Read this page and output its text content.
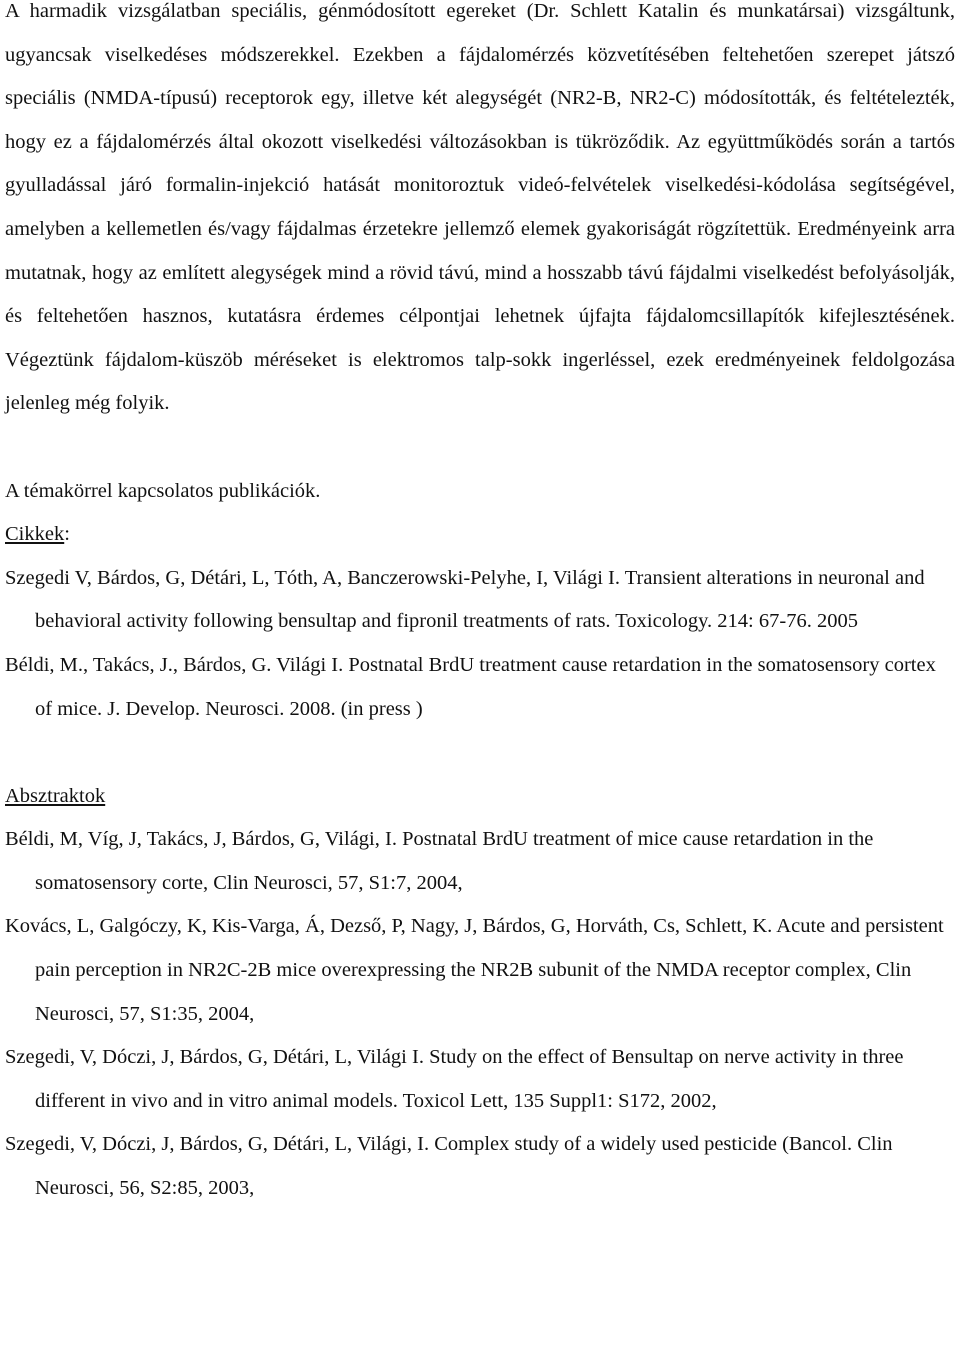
A harmadik vizsgálatban speciális, génmódosított egereket (Dr. Schlett Katalin és munkatársai) vizsgáltunk, ugyancsak viselkedéses módszerekkel. Ezekben a fájdalomérzés közvetítésében feltehetően szerepet játszó speciális (NMDA-típusú) receptorok egy, illetve két alegységét (NR2-B, NR2-C) módosították, és feltételezték, hogy ez a fájdalomérzés által okozott viselkedési változásokban is tükröződik. Az együttműködés során a tartós gyulladással járó formalin-injekció hatását monitoroztuk videó-felvételek viselkedési-kódolása segítségével, amelyben a kellemetlen és/vagy fájdalmas érzetekre jellemző elemek gyakoriságát rögzítettük. Eredményeink arra mutatnak, hogy az említett alegységek mind a rövid távú, mind a hosszabb távú fájdalmi viselkedést befolyásolják, és feltehetően hasznos, kutatásra érdemes célpontjai lehetnek újfajta fájdalomcsillapítók kifejlesztésének. Végeztünk fájdalom-küszöb méréseket is elektromos talp-sokk ingerléssel, ezek eredményeinek feldolgozása jelenleg még folyik.

A témakörrel kapcsolatos publikációk.

Cikkek:

Szegedi V, Bárdos, G, Détári, L, Tóth, A, Banczerowski-Pelyhe, I, Világi I. Transient alterations in neuronal and behavioral activity following bensultap and fipronil treatments of rats. Toxicology. 214: 67-76. 2005

Béldi, M., Takács, J., Bárdos, G. Világi I. Postnatal BrdU treatment cause retardation in the somatosensory cortex of mice. J. Develop. Neurosci. 2008. (in press )

Absztraktok

Béldi, M, Víg, J, Takács, J, Bárdos, G, Világi, I. Postnatal BrdU treatment of mice cause retardation in the somatosensory corte, Clin Neurosci, 57, S1:7, 2004,

Kovács, L, Galgóczy, K, Kis-Varga, Á, Dezső, P, Nagy, J, Bárdos, G, Horváth, Cs, Schlett, K. Acute and persistent pain perception in NR2C-2B mice overexpressing the NR2B subunit of the NMDA receptor complex, Clin Neurosci, 57, S1:35, 2004,

Szegedi, V, Dóczi, J, Bárdos, G, Détári, L, Világi I. Study on the effect of Bensultap on nerve activity in three different in vivo and in vitro animal models. Toxicol Lett, 135 Suppl1: S172, 2002,

Szegedi, V, Dóczi, J, Bárdos, G, Détári, L, Világi, I. Complex study of a widely used pesticide (Bancol. Clin Neurosci, 56, S2:85, 2003,
